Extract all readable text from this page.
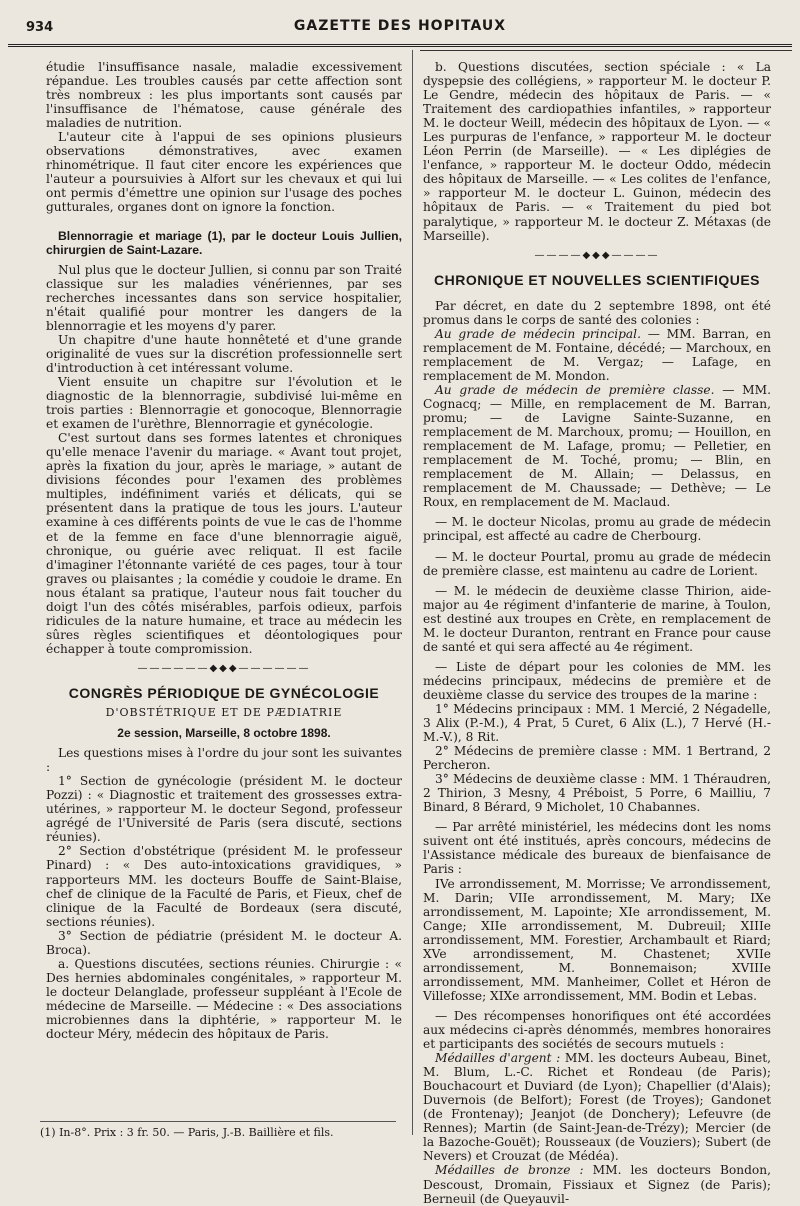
934	GAZETTE DES HOPITAUX

étudie l'insuffisance nasale, maladie excessivement répandue. Les troubles causés par cette affection sont très nombreux : les plus importants sont causés par l'insuffisance de l'hématose, cause générale des maladies de nutrition.

L'auteur cite à l'appui de ses opinions plusieurs observations démonstratives, avec examen rhinométrique. Il faut citer encore les expériences que l'auteur a poursuivies à Alfort sur les chevaux et qui lui ont permis d'émettre une opinion sur l'usage des poches gutturales, organes dont on ignore la fonction.

Blennorragie et mariage (1), par le docteur Louis Jullien, chirurgien de Saint-Lazare.

Nul plus que le docteur Jullien, si connu par son Traité classique sur les maladies vénériennes, par ses recherches incessantes dans son service hospitalier, n'était qualifié pour montrer les dangers de la blennorragie et les moyens d'y parer.

Un chapitre d'une haute honnêteté et d'une grande originalité de vues sur la discrétion professionnelle sert d'introduction à cet intéressant volume.

Vient ensuite un chapitre sur l'évolution et le diagnostic de la blennorragie, subdivisé lui-même en trois parties : Blennorragie et gonocoque, Blennorragie et examen de l'urèthre, Blennorragie et gynécologie.

C'est surtout dans ses formes latentes et chroniques qu'elle menace l'avenir du mariage. « Avant tout projet, après la fixation du jour, après le mariage, » autant de divisions fécondes pour l'examen des problèmes multiples, indéfiniment variés et délicats, qui se présentent dans la pratique de tous les jours. L'auteur examine à ces différents points de vue le cas de l'homme et de la femme en face d'une blennorragie aiguë, chronique, ou guérie avec reliquat. Il est facile d'imaginer l'étonnante variété de ces pages, tour à tour graves ou plaisantes ; la comédie y coudoie le drame. En nous étalant sa pratique, l'auteur nous fait toucher du doigt l'un des côtés misérables, parfois odieux, parfois ridicules de la nature humaine, et trace au médecin les sûres règles scientifiques et déontologiques pour échapper à toute compromission.

——————◆◆◆——————
CONGRÈS PÉRIODIQUE DE GYNÉCOLOGIE
D'OBSTÉTRIQUE ET DE PÆDIATRIE
2e session, Marseille, 8 octobre 1898.

Les questions mises à l'ordre du jour sont les suivantes :

1° Section de gynécologie (président M. le docteur Pozzi) : « Diagnostic et traitement des grossesses extra-utérines, » rapporteur M. le docteur Segond, professeur agrégé de l'Université de Paris (sera discuté, sections réunies).

2° Section d'obstétrique (président M. le professeur Pinard) : « Des auto-intoxications gravidiques, » rapporteurs MM. les docteurs Bouffe de Saint-Blaise, chef de clinique de la Faculté de Paris, et Fieux, chef de clinique de la Faculté de Bordeaux (sera discuté, sections réunies).

3° Section de pédiatrie (président M. le docteur A. Broca).

a. Questions discutées, sections réunies. Chirurgie : « Des hernies abdominales congénitales, » rapporteur M. le docteur Delanglade, professeur suppléant à l'Ecole de médecine de Marseille. — Médecine : « Des associations microbiennes dans la diphtérie, » rapporteur M. le docteur Méry, médecin des hôpitaux de Paris.

(1) In-8°. Prix : 3 fr. 50. — Paris, J.-B. Baillière et fils.

b. Questions discutées, section spéciale : « La dyspepsie des collégiens, » rapporteur M. le docteur P. Le Gendre, médecin des hôpitaux de Paris. — « Traitement des cardiopathies infantiles, » rapporteur M. le docteur Weill, médecin des hôpitaux de Lyon. — « Les purpuras de l'enfance, » rapporteur M. le docteur Léon Perrin (de Marseille). — « Les diplégies de l'enfance, » rapporteur M. le docteur Oddo, médecin des hôpitaux de Marseille. — « Les colites de l'enfance, » rapporteur M. le docteur L. Guinon, médecin des hôpitaux de Paris. — « Traitement du pied bot paralytique, » rapporteur M. le docteur Z. Métaxas (de Marseille).

————◆◆◆————
CHRONIQUE ET NOUVELLES SCIENTIFIQUES

Par décret, en date du 2 septembre 1898, ont été promus dans le corps de santé des colonies :

Au grade de médecin principal. — MM. Barran, en remplacement de M. Fontaine, décédé; — Marchoux, en remplacement de M. Vergaz; — Lafage, en remplacement de M. Mondon.

Au grade de médecin de première classe. — MM. Cognacq; — Mille, en remplacement de M. Barran, promu; — de Lavigne Sainte-Suzanne, en remplacement de M. Marchoux, promu; — Houillon, en remplacement de M. Lafage, promu; — Pelletier, en remplacement de M. Toché, promu; — Blin, en remplacement de M. Allain; — Delassus, en remplacement de M. Chaussade; — Dethève; — Le Roux, en remplacement de M. Maclaud.

— M. le docteur Nicolas, promu au grade de médecin principal, est affecté au cadre de Cherbourg.

— M. le docteur Pourtal, promu au grade de médecin de première classe, est maintenu au cadre de Lorient.

— M. le médecin de deuxième classe Thirion, aide-major au 4e régiment d'infanterie de marine, à Toulon, est destiné aux troupes en Crète, en remplacement de M. le docteur Duranton, rentrant en France pour cause de santé et qui sera affecté au 4e régiment.

— Liste de départ pour les colonies de MM. les médecins principaux, médecins de première et de deuxième classe du service des troupes de la marine :

1° Médecins principaux : MM. 1 Mercié, 2 Négadelle, 3 Alix (P.-M.), 4 Prat, 5 Curet, 6 Alix (L.), 7 Hervé (H.-M.-V.), 8 Rit.

2° Médecins de première classe : MM. 1 Bertrand, 2 Percheron.

3° Médecins de deuxième classe : MM. 1 Théraudren, 2 Thirion, 3 Mesny, 4 Préboist, 5 Porre, 6 Mailliu, 7 Binard, 8 Bérard, 9 Micholet, 10 Chabannes.

— Par arrêté ministériel, les médecins dont les noms suivent ont été institués, après concours, médecins de l'Assistance médicale des bureaux de bienfaisance de Paris :

IVe arrondissement, M. Morrisse; Ve arrondissement, M. Darin; VIIe arrondissement, M. Mary; IXe arrondissement, M. Lapointe; XIe arrondissement, M. Cange; XIIe arrondissement, M. Dubreuil; XIIIe arrondissement, MM. Forestier, Archambault et Riard; XVe arrondissement, M. Chastenet; XVIIe arrondissement, M. Bonnemaison; XVIIIe arrondissement, MM. Manheimer, Collet et Héron de Villefosse; XIXe arrondissement, MM. Bodin et Lebas.

— Des récompenses honorifiques ont été accordées aux médecins ci-après dénommés, membres honoraires et participants des sociétés de secours mutuels :

Médailles d'argent : MM. les docteurs Aubeau, Binet, M. Blum, L.-C. Richet et Rondeau (de Paris); Bouchacourt et Duviard (de Lyon); Chapellier (d'Alais); Duvernois (de Belfort); Forest (de Troyes); Gandonet (de Frontenay); Jeanjot (de Donchery); Lefeuvre (de Rennes); Martin (de Saint-Jean-de-Trézy); Mercier (de la Bazoche-Gouët); Rousseaux (de Vouziers); Subert (de Nevers) et Crouzat (de Médéa).

Médailles de bronze : MM. les docteurs Bondon, Descoust, Dromain, Fissiaux et Signez (de Paris); Berneuil (de Queyauvil-
